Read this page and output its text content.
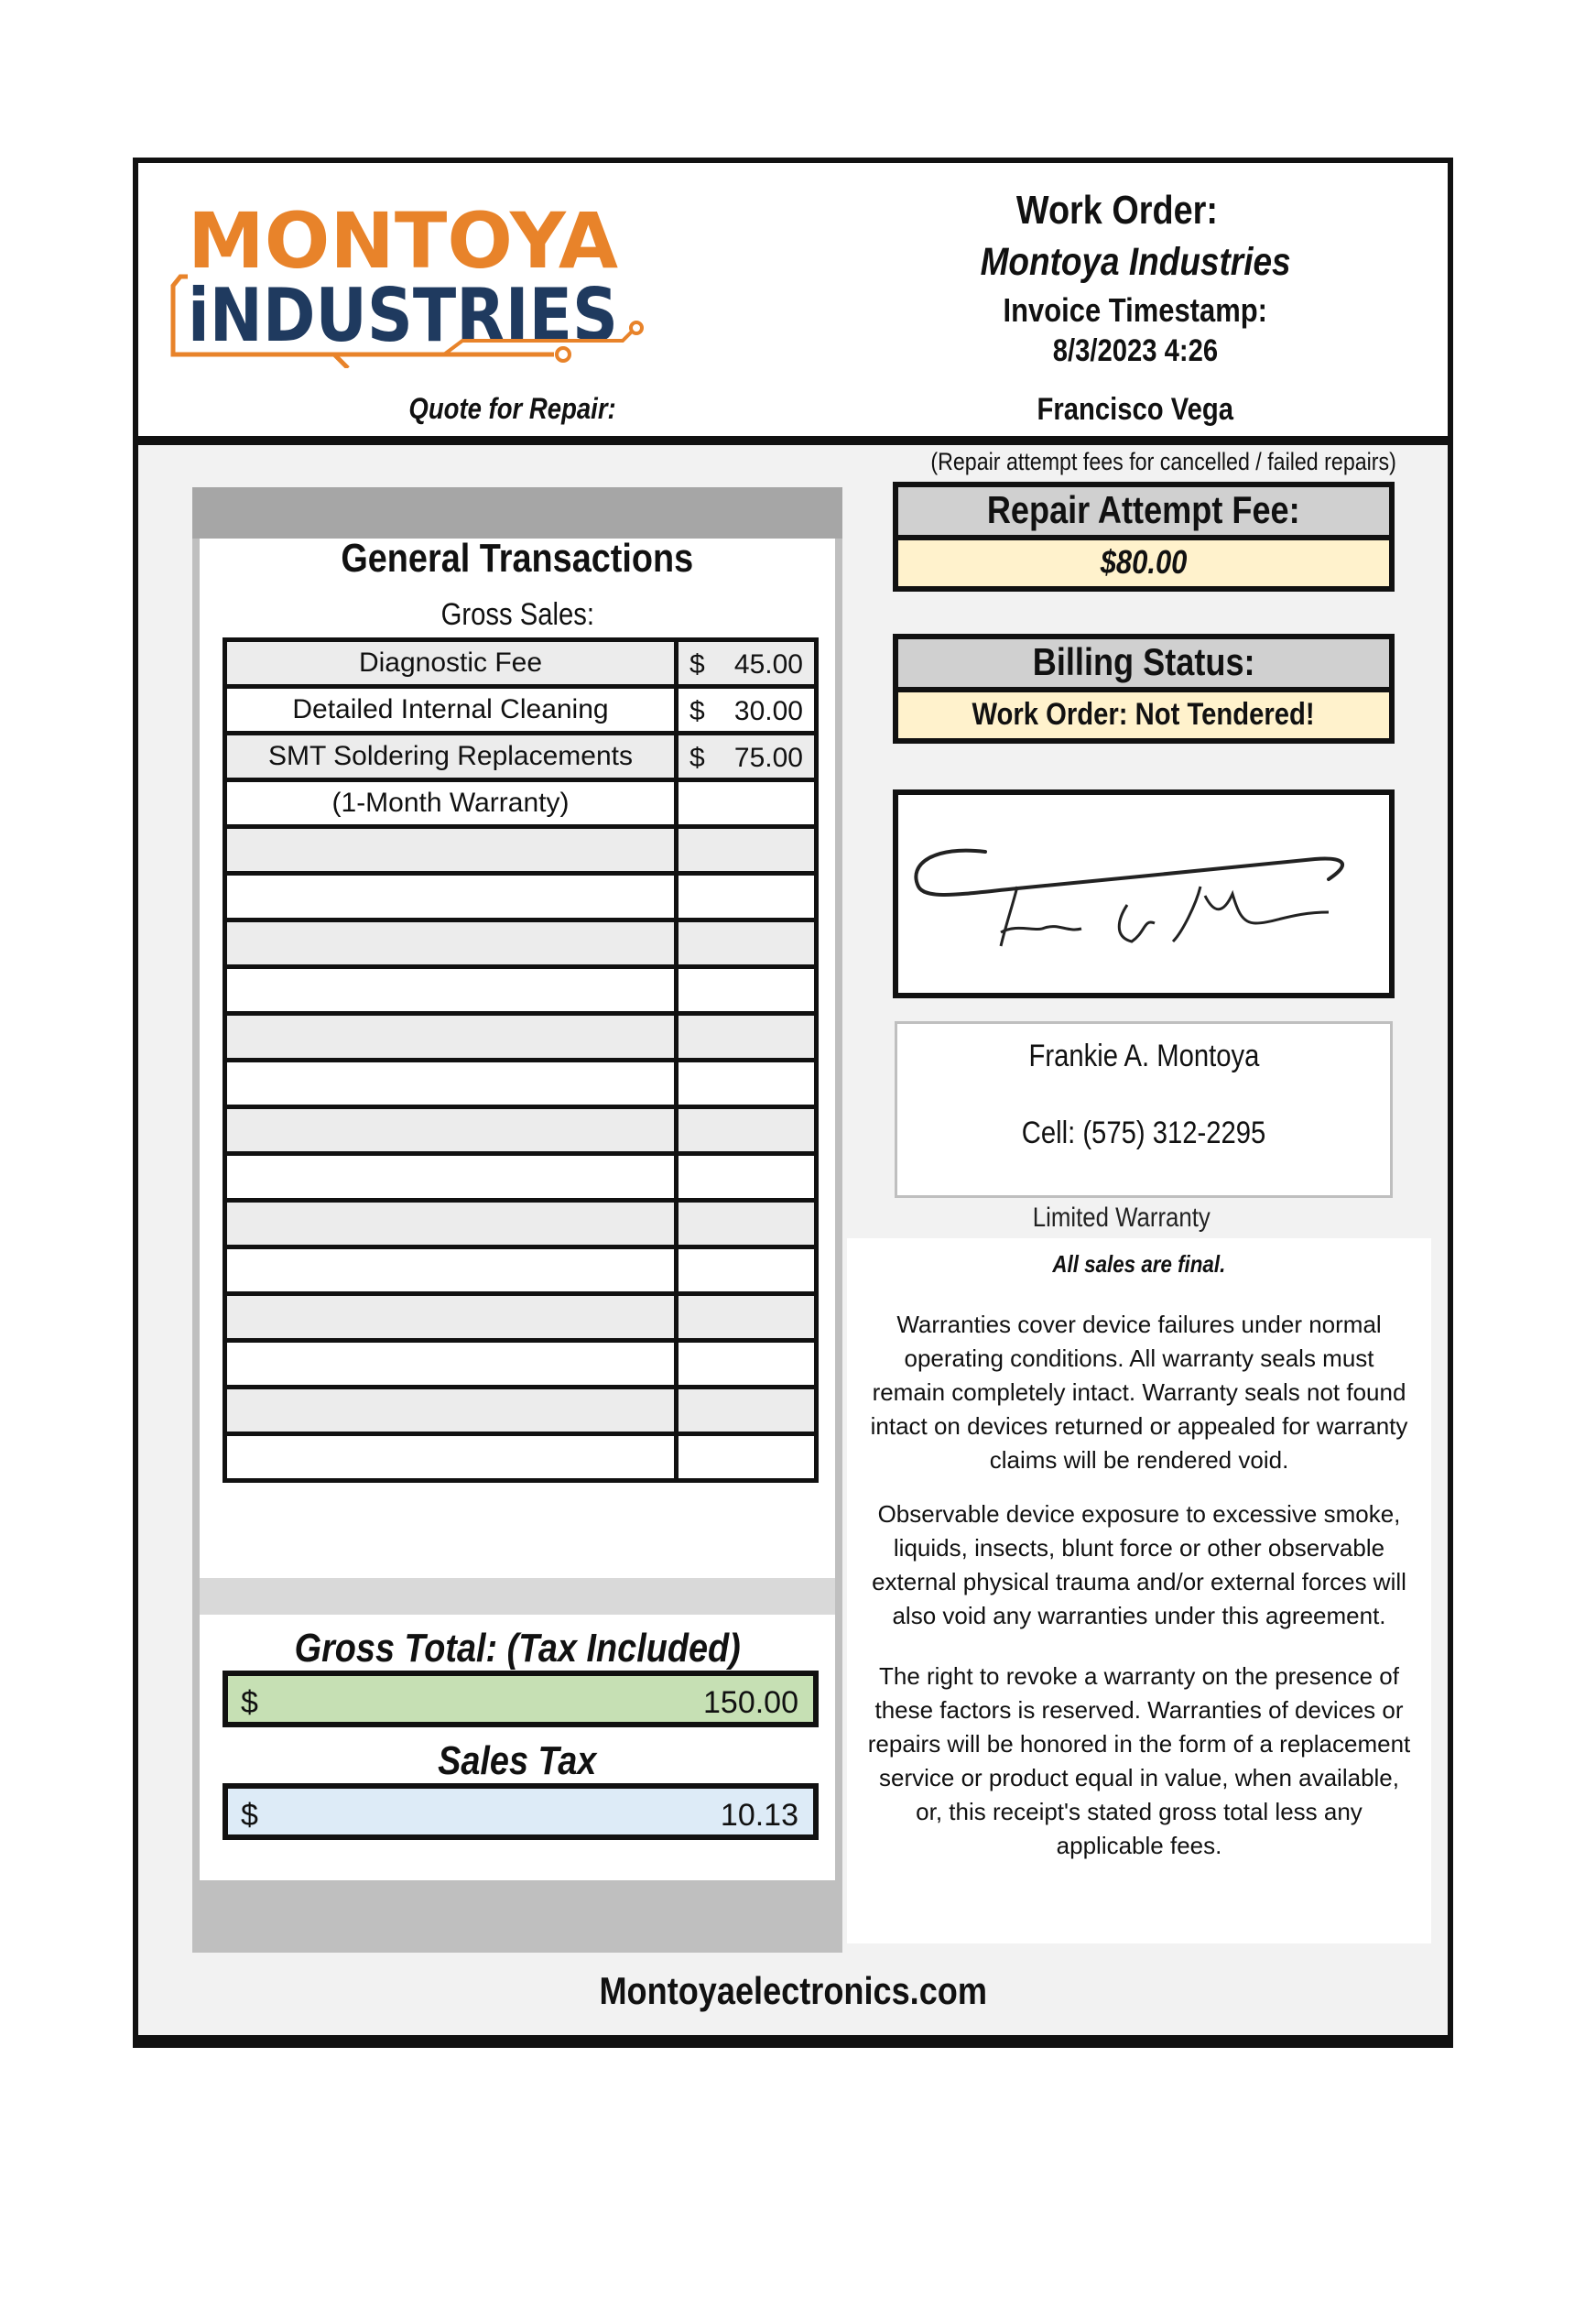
MONTOYA
iNDUSTRIES
Work Order:
Montoya Industries
Invoice Timestamp:
8/3/2023 4:26
Quote for Repair:	Francisco Vega
General Transactions
Gross Sales:
Diagnostic Fee	$ 45.00

Detailed Internal Cleaning	$ 30.00

SMT Soldering Replacements	$ 75.00

(1-Month Warranty)	

Gross Total: (Tax Included)
$	150.00
Sales Tax
$	10.13
(Repair attempt fees for cancelled / failed repairs)
Repair Attempt Fee:
$80.00
Billing Status:
Work Order: Not Tendered!
Frankie A. Montoya
Frankie A. Montoya
Cell: (575) 312-2295
Limited Warranty
All sales are final.
Warranties cover device failures under normal operating conditions. All warranty seals must remain completely intact. Warranty seals not found intact on devices returned or appealed for warranty claims will be rendered void.
Observable device exposure to excessive smoke, liquids, insects, blunt force or other observable external physical trauma and/or external forces will also void any warranties under this agreement.
The right to revoke a warranty on the presence of these factors is reserved. Warranties of devices or repairs will be honored in the form of a replacement service or product equal in value, when available, or, this receipt's stated gross total less any applicable fees.
Montoyaelectronics.com
